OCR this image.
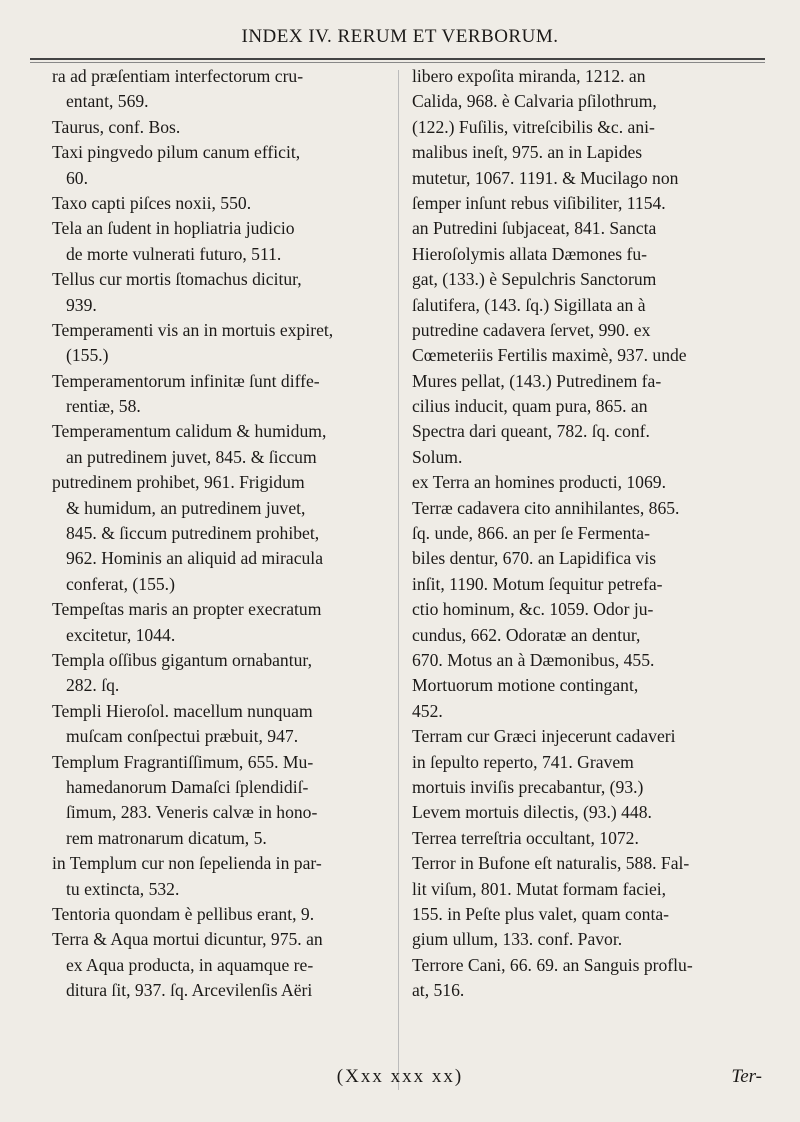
INDEX IV. RERUM ET VERBORUM.
ra ad præſentiam interfectorum cru-
entant, 569.
Taurus, conf. Bos.
Taxi pingvedo pilum canum efficit,
60.
Taxo capti piſces noxii, 550.
Tela an ſudent in hopliatria judicio
de morte vulnerati futuro, 511.
Tellus cur mortis ſtomachus dicitur,
939.
Temperamenti vis an in mortuis expiret,
(155.)
Temperamentorum infinitæ ſunt diffe-
rentiæ, 58.
Temperamentum calidum & humidum,
an putredinem juvet, 845. & ſiccum
putredinem prohibet, 961. Frigidum
& humidum, an putredinem juvet,
845. & ſiccum putredinem prohibet,
962. Hominis an aliquid ad miracula
conferat, (155.)
Tempeſtas maris an propter execratum
excitetur, 1044.
Templa oſſibus gigantum ornabantur,
282. ſq.
Templi Hieroſol. macellum nunquam
muſcam conſpectui præbuit, 947.
Templum Fragrantiſſimum, 655. Mu-
hamedanorum Damaſci ſplendidiſ-
ſimum, 283. Veneris calvæ in hono-
rem matronarum dicatum, 5.
in Templum cur non ſepelienda in par-
tu extincta, 532.
Tentoria quondam è pellibus erant, 9.
Terra & Aqua mortui dicuntur, 975. an
ex Aqua producta, in aquamque re-
ditura ſit, 937. ſq. Arcevilenſis Aëri
libero expoſita miranda, 1212. an
Calida, 968. è Calvaria pſilothrum,
(122.) Fuſilis, vitreſcibilis &c. ani-
malibus ineſt, 975. an in Lapides
mutetur, 1067. 1191. & Mucilago non
ſemper inſunt rebus viſibiliter, 1154.
an Putredini ſubjaceat, 841. Sancta
Hieroſolymis allata Dæmones fu-
gat, (133.) è Sepulchris Sanctorum
ſalutifera, (143. ſq.) Sigillata an à
putredine cadavera ſervet, 990. ex
Cœmeteriis Fertilis maximè, 937. unde
Mures pellat, (143.) Putredinem fa-
cilius inducit, quam pura, 865. an
Spectra dari queant, 782. ſq. conf.
Solum.
ex Terra an homines producti, 1069.
Terræ cadavera cito annihilantes, 865.
ſq. unde, 866. an per ſe Fermenta-
biles dentur, 670. an Lapidifica vis
inſit, 1190. Motum ſequitur petrefa-
ctio hominum, &c. 1059. Odor ju-
cundus, 662. Odoratæ an dentur,
670. Motus an à Dæmonibus, 455.
Mortuorum motione contingant,
452.
Terram cur Græci injecerunt cadaveri
in ſepulto reperto, 741. Gravem
mortuis inviſis precabantur, (93.)
Levem mortuis dilectis, (93.) 448.
Terrea terreſtria occultant, 1072.
Terror in Bufone eſt naturalis, 588. Fal-
lit viſum, 801. Mutat formam faciei,
155. in Peſte plus valet, quam conta-
gium ullum, 133. conf. Pavor.
Terrore Cani, 66. 69. an Sanguis proflu-
at, 516.
(Xxx xxx xx)	Ter-
